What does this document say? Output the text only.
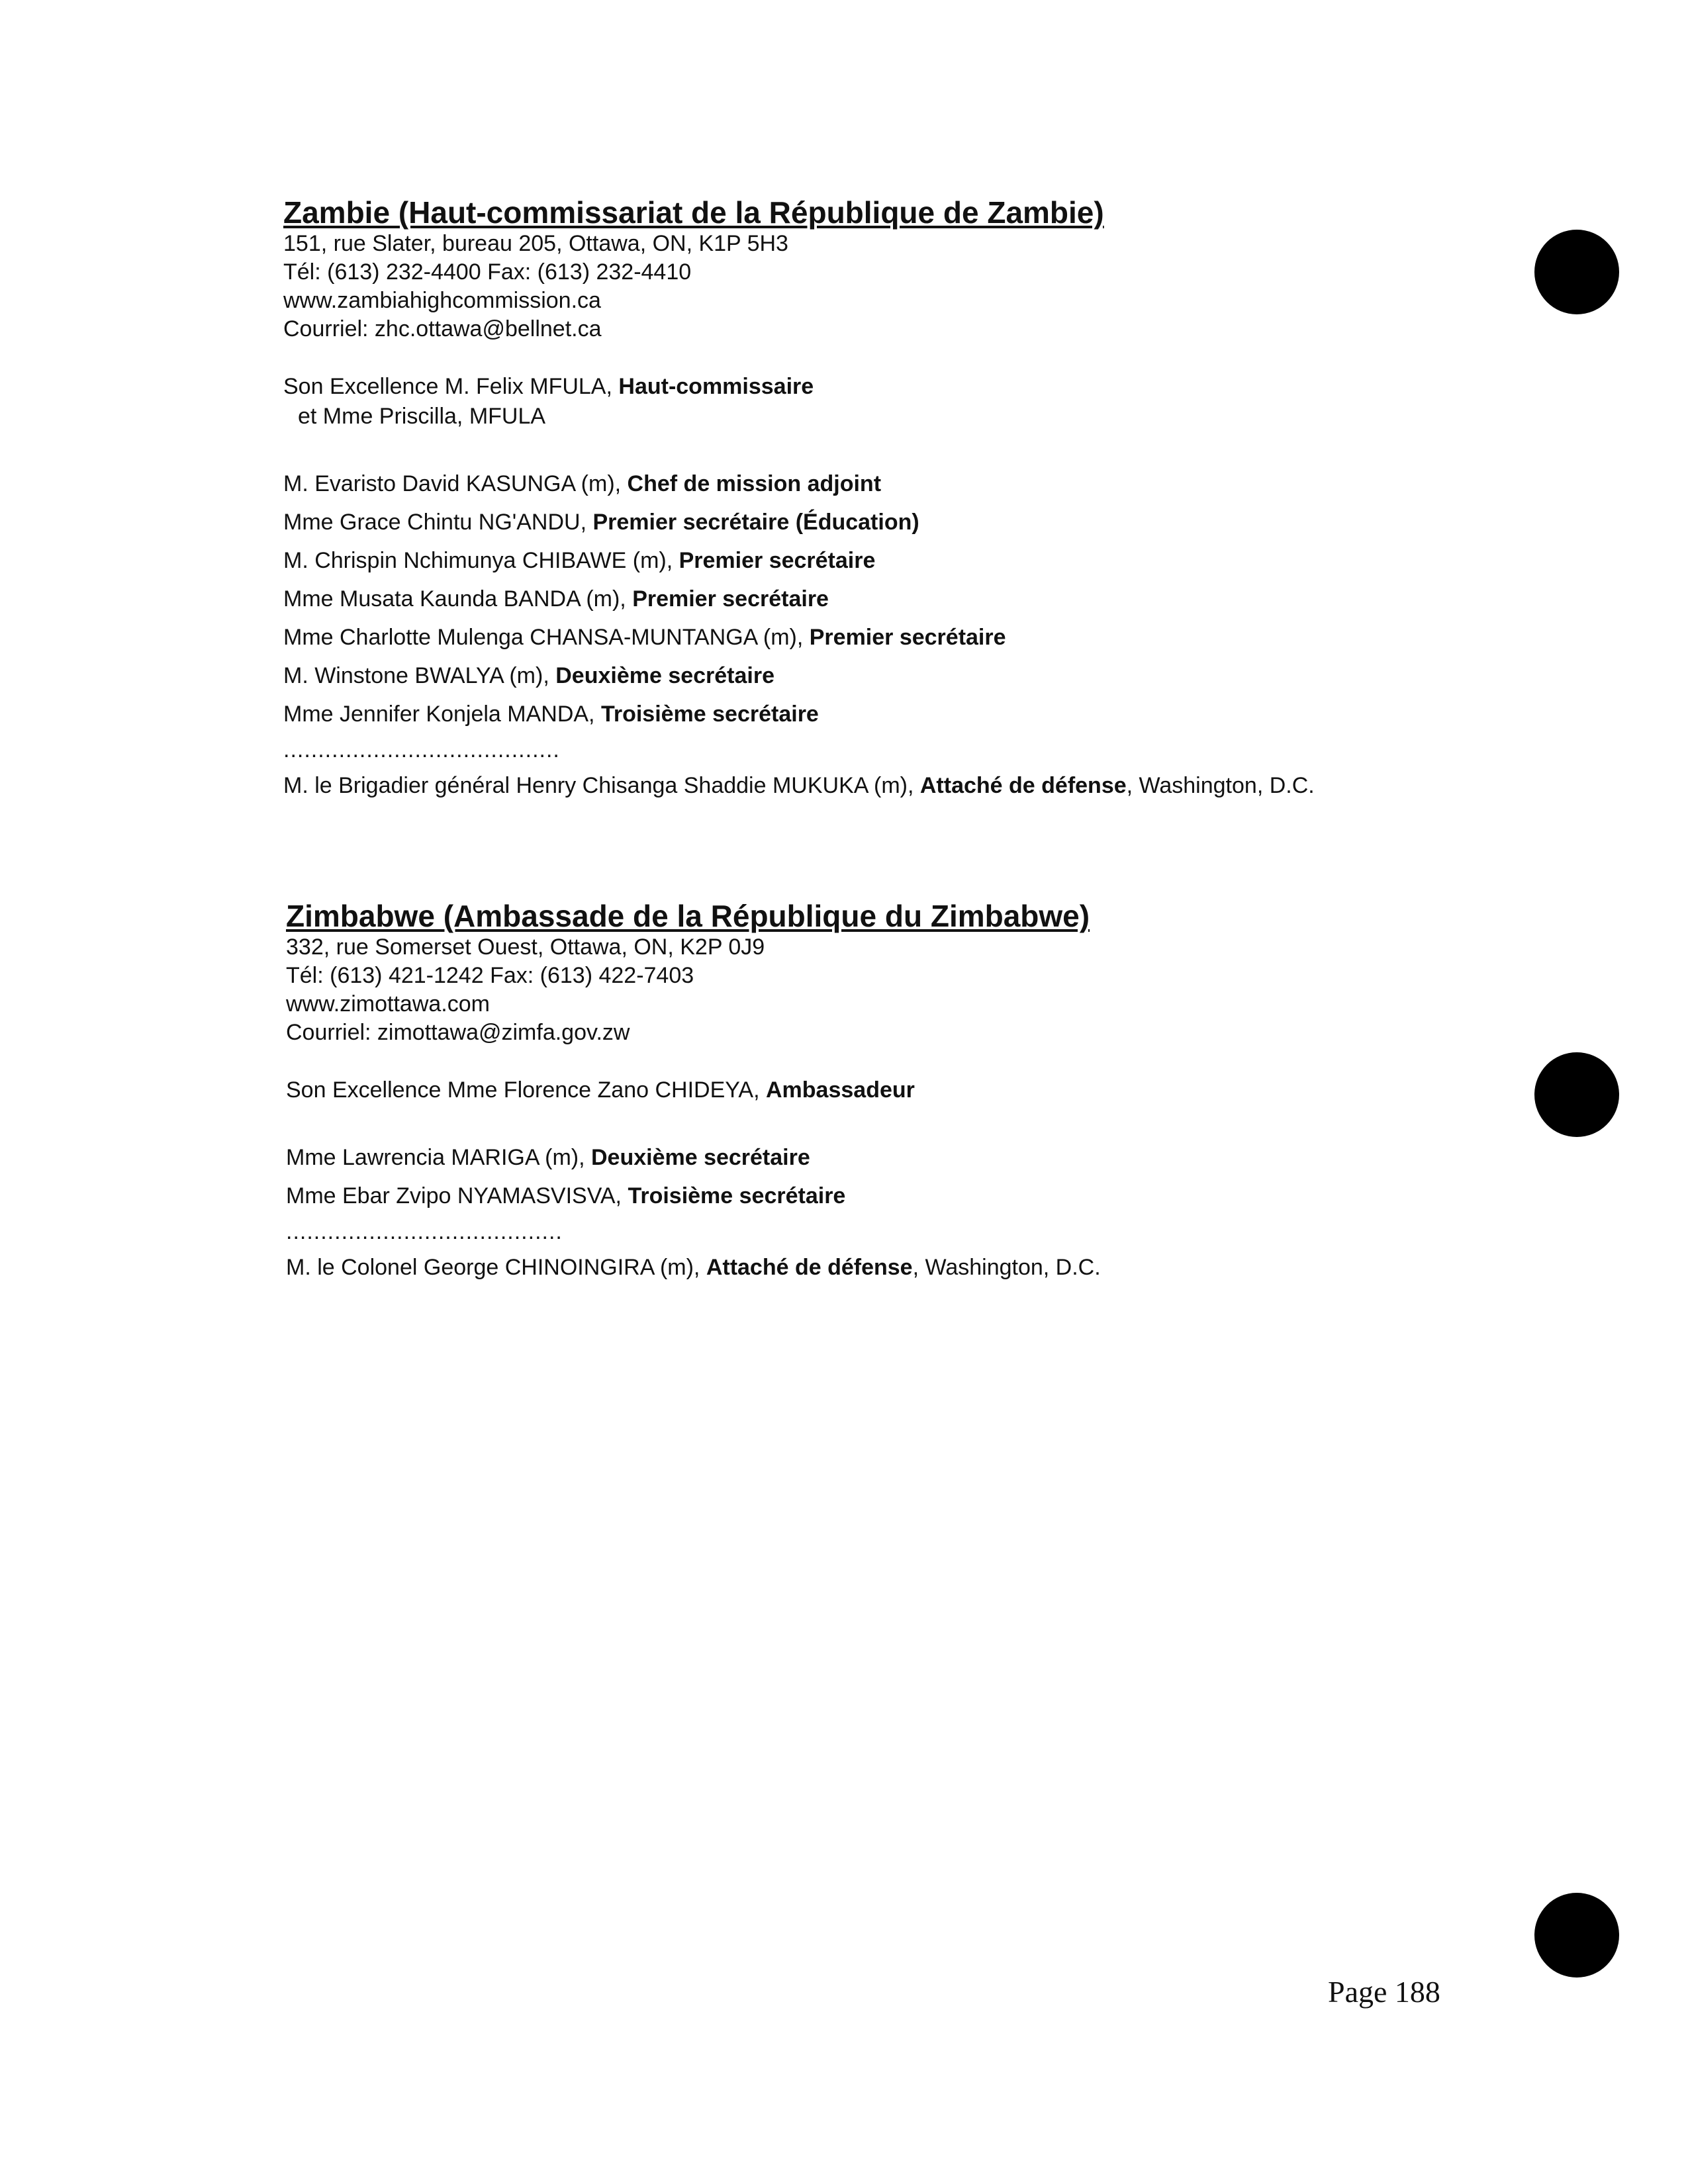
Zambie (Haut-commissariat de la République de Zambie)
151, rue Slater, bureau 205, Ottawa, ON, K1P 5H3
Tél: (613) 232-4400 Fax: (613) 232-4410
www.zambiahighcommission.ca
Courriel: zhc.ottawa@bellnet.ca
Son Excellence M. Felix MFULA, Haut-commissaire
et Mme Priscilla, MFULA
M. Evaristo David KASUNGA (m), Chef de mission adjoint
Mme Grace Chintu NG'ANDU, Premier secrétaire (Éducation)
M. Chrispin Nchimunya CHIBAWE (m), Premier secrétaire
Mme Musata Kaunda BANDA (m), Premier secrétaire
Mme Charlotte Mulenga CHANSA-MUNTANGA (m), Premier secrétaire
M. Winstone BWALYA (m), Deuxième secrétaire
Mme Jennifer Konjela MANDA, Troisième secrétaire
........................................
M. le Brigadier général Henry Chisanga Shaddie MUKUKA (m), Attaché de défense, Washington, D.C.
Zimbabwe (Ambassade de la République du Zimbabwe)
332, rue Somerset Ouest, Ottawa, ON, K2P 0J9
Tél: (613) 421-1242 Fax: (613) 422-7403
www.zimottawa.com
Courriel: zimottawa@zimfa.gov.zw
Son Excellence Mme Florence Zano CHIDEYA, Ambassadeur
Mme Lawrencia MARIGA (m), Deuxième secrétaire
Mme Ebar Zvipo NYAMASVISVA, Troisième secrétaire
........................................
M. le Colonel George CHINOINGIRA (m), Attaché de défense, Washington, D.C.
Page 188
